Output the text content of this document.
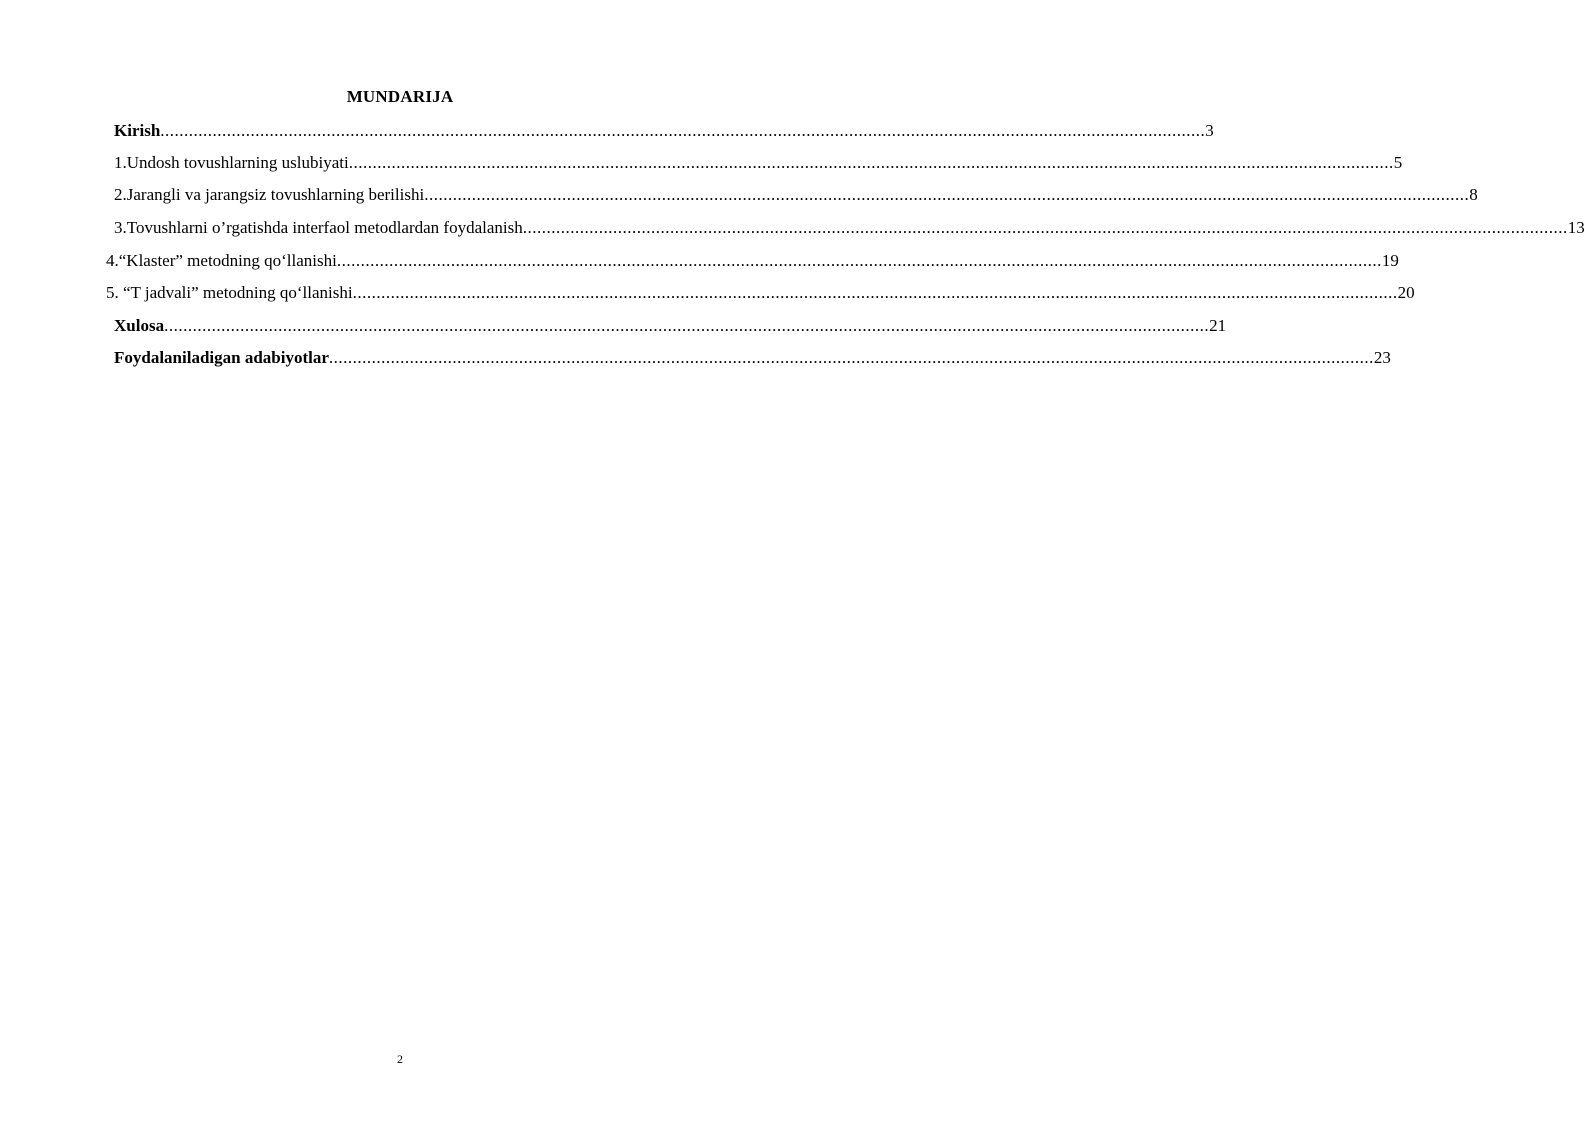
MUNDARIJA
Kirish ............................................................................................................................................................................................................................ 3
1.Undosh tovushlarning uslubiyati ............................................................................................................................................................................................................................ 5
2.Jarangli va jarangsiz tovushlarning berilishi ............................................................................................................................................................................................................................ 8
3.Tovushlarni o’rgatishda interfaol metodlardan foydalanish ............................................................................................................................................................................................................................ 13
4.“Klaster” metodning qo‘llanishi ............................................................................................................................................................................................................................ 19
5. “T jadvali” metodning qo‘llanishi ............................................................................................................................................................................................................................ 20
Xulosa ............................................................................................................................................................................................................................ 21
Foydalaniladigan adabiyotlar ............................................................................................................................................................................................................................ 23
2
